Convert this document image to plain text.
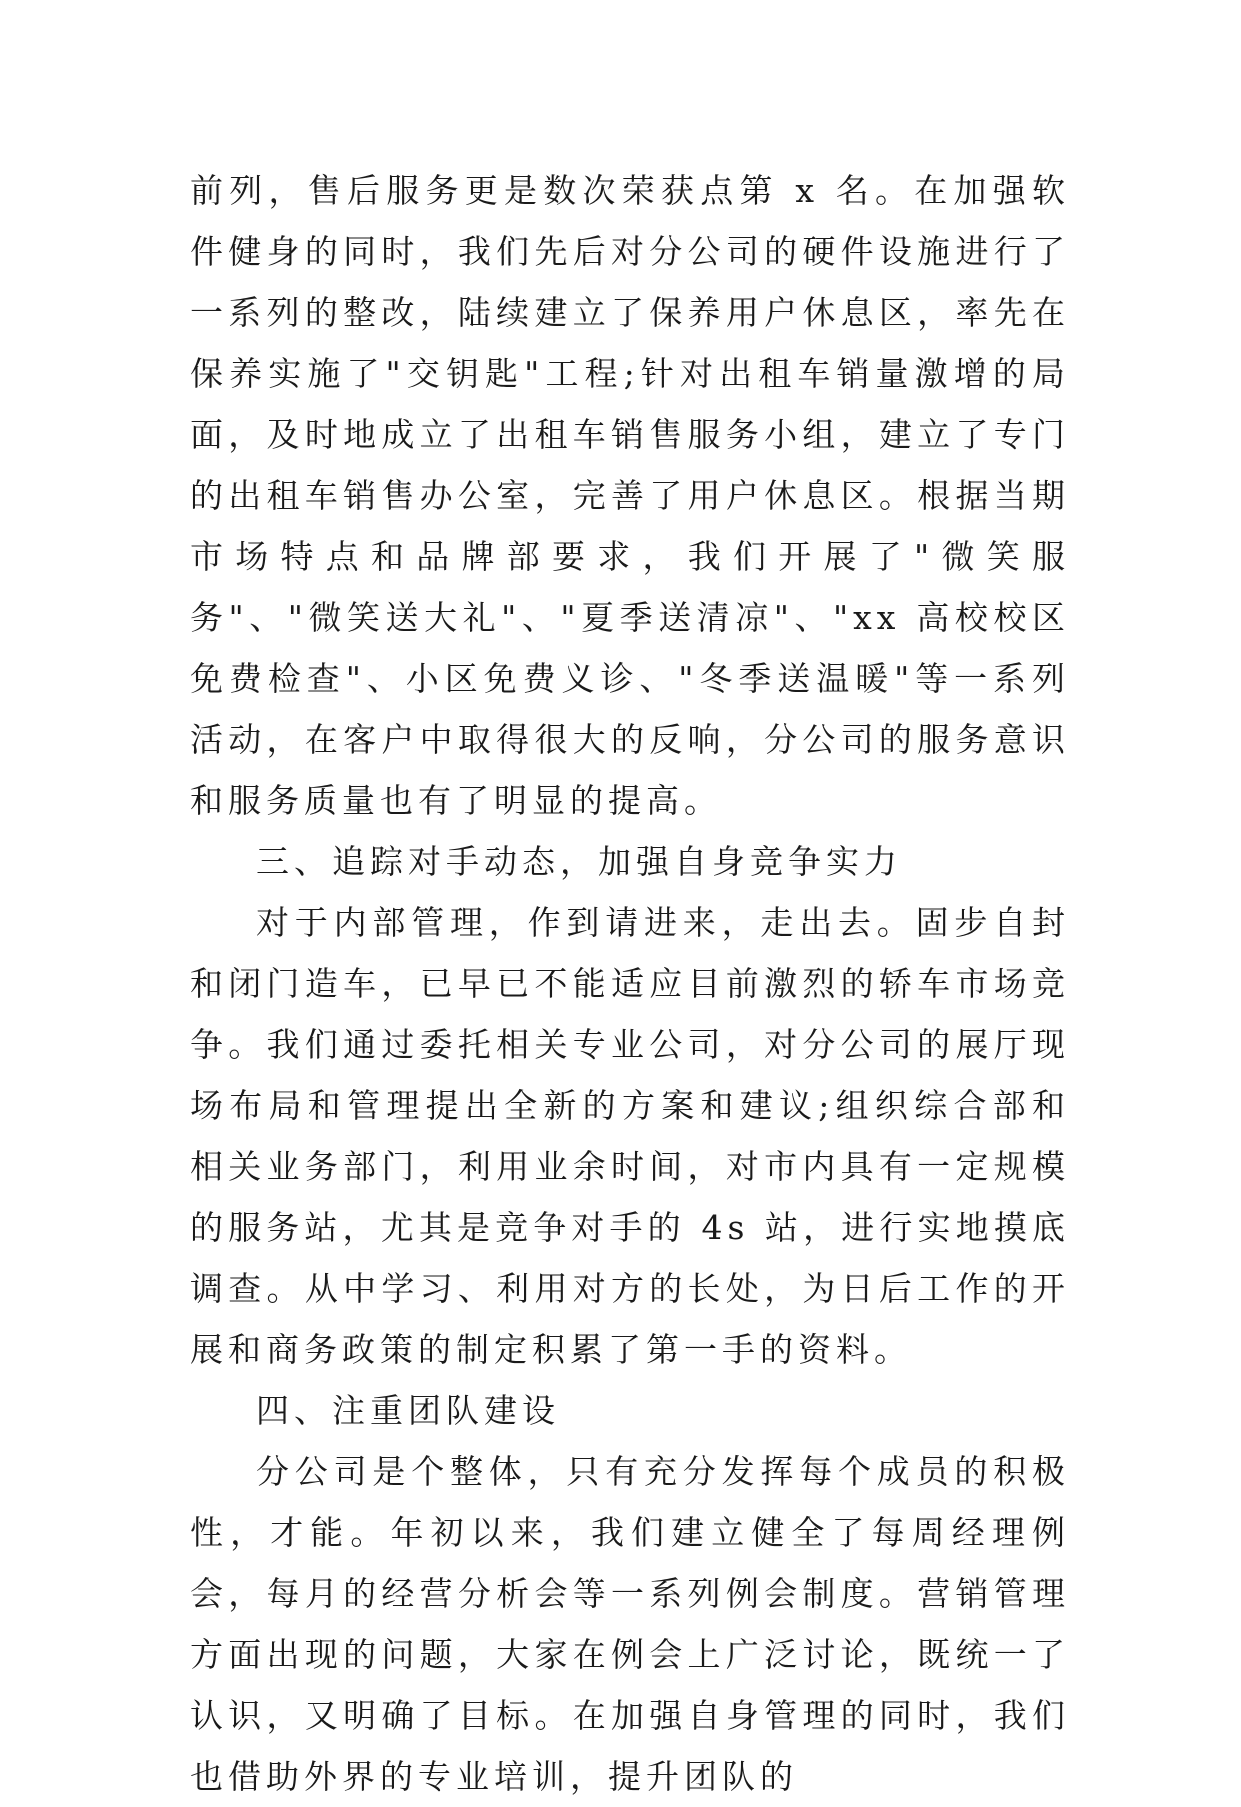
前列，售后服务更是数次荣获点第 x 名。在加强软件健身的同时，我们先后对分公司的硬件设施进行了一系列的整改，陆续建立了保养用户休息区，率先在保养实施了"交钥匙"工程;针对出租车销量激增的局面，及时地成立了出租车销售服务小组，建立了专门的出租车销售办公室，完善了用户休息区。根据当期市场特点和品牌部要求，我们开展了"微笑服务"、"微笑送大礼"、"夏季送清凉"、"xx 高校校区免费检查"、小区免费义诊、"冬季送温暖"等一系列活动，在客户中取得很大的反响，分公司的服务意识和服务质量也有了明显的提高。

三、追踪对手动态，加强自身竞争实力

对于内部管理，作到请进来，走出去。固步自封和闭门造车，已早已不能适应目前激烈的轿车市场竞争。我们通过委托相关专业公司，对分公司的展厅现场布局和管理提出全新的方案和建议;组织综合部和相关业务部门，利用业余时间，对市内具有一定规模的服务站，尤其是竞争对手的 4s 站，进行实地摸底调查。从中学习、利用对方的长处，为日后工作的开展和商务政策的制定积累了第一手的资料。

四、注重团队建设

分公司是个整体，只有充分发挥每个成员的积极性，才能。年初以来，我们建立健全了每周经理例会，每月的经营分析会等一系列例会制度。营销管理方面出现的问题，大家在例会上广泛讨论，既统一了认识，又明确了目标。在加强自身管理的同时，我们也借助外界的专业培训，提升团队的
